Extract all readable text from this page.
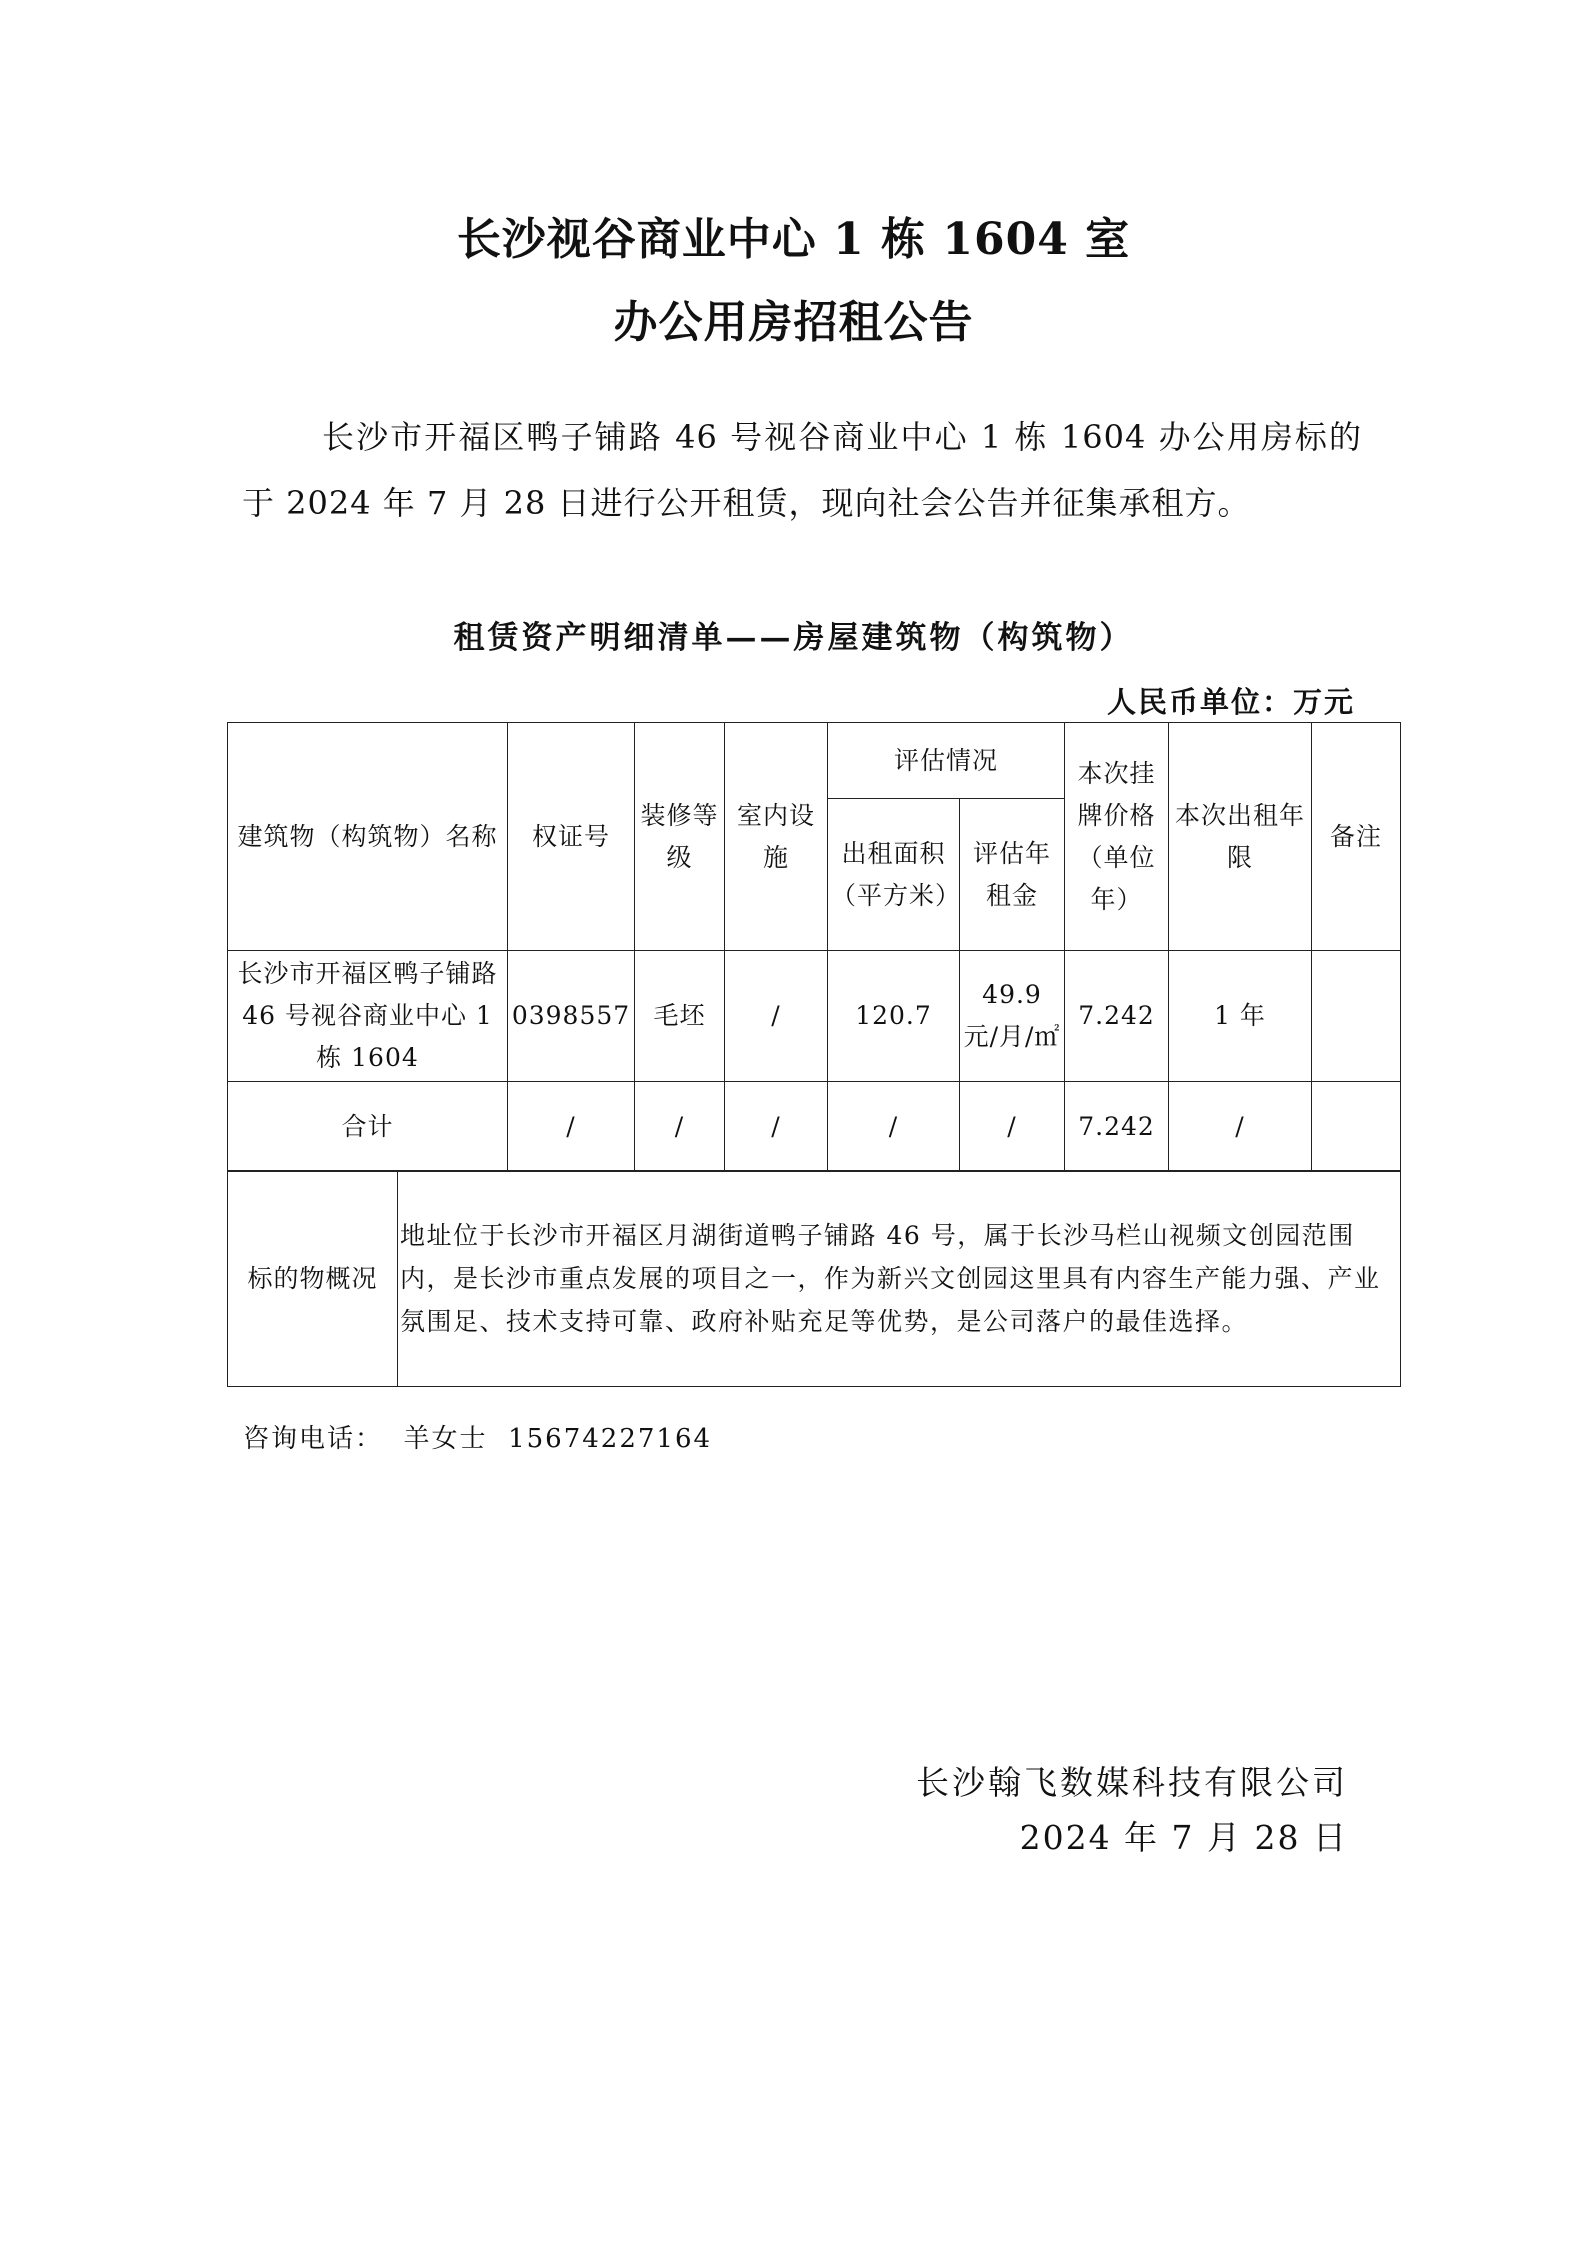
长沙视谷商业中心 1 栋 1604 室
办公用房招租公告
长沙市开福区鸭子铺路 46 号视谷商业中心 1 栋 1604 办公用房标的于 2024 年 7 月 28 日进行公开租赁，现向社会公告并征集承租方。
租赁资产明细清单——房屋建筑物（构筑物）
人民币单位：万元
建筑物（构筑物）名称	权证号	装修等级	室内设施	评估情况		本次挂牌价格（单位年）	本次出租年限	备注
				出租面积（平方米）	评估年租金			
长沙市开福区鸭子铺路 46 号视谷商业中心 1 栋 1604	0398557	毛坯	/	120.7	49.9 元/月/㎡	7.242	1 年	
合计	/	/	/	/	/	7.242	/	
标的物概况	地址位于长沙市开福区月湖街道鸭子铺路 46 号，属于长沙马栏山视频文创园范围内，是长沙市重点发展的项目之一，作为新兴文创园这里具有内容生产能力强、产业氛围足、技术支持可靠、政府补贴充足等优势，是公司落户的最佳选择。
咨询电话： 羊女士 15674227164
长沙翰飞数媒科技有限公司
2024 年 7 月 28 日
